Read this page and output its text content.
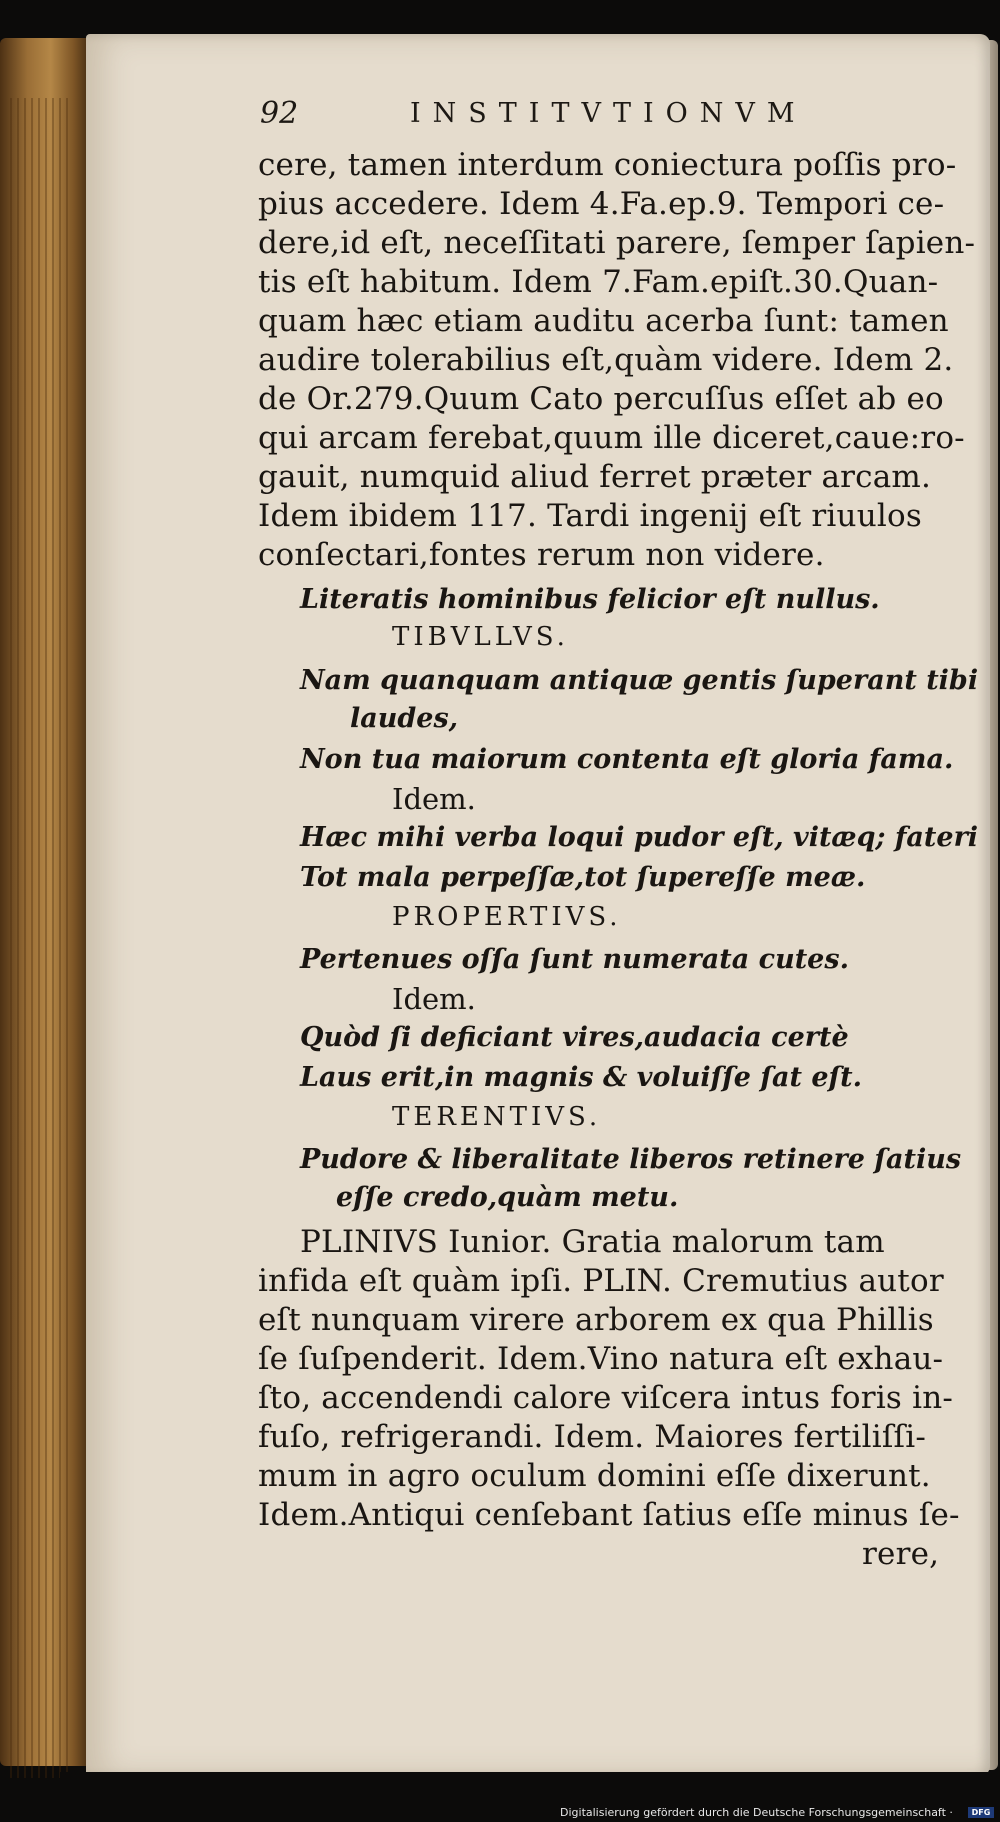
92	INSTITVTIONVM
cere, tamen interdum coniectura poſſis pro-
pius accedere. Idem 4.Fa.ep.9. Tempori ce-
dere,id eſt, neceſſitati parere, ſemper ſapien-
tis eſt habitum. Idem 7.Fam.epiſt.30.Quan-
quam hæc etiam auditu acerba ſunt: tamen
audire tolerabilius eſt,quàm videre. Idem 2.
de Or.279.Quum Cato percuſſus eſſet ab eo
qui arcam ferebat,quum ille diceret,caue:ro-
gauit, numquid aliud ferret præter arcam.
Idem ibidem 117. Tardi ingenij eſt riuulos
conſectari,fontes rerum non videre.
Literatis hominibus felicior eſt nullus.
TIBVLLVS.
Nam quanquam antiquæ gentis ſuperant tibi
laudes,
Non tua maiorum contenta eſt gloria fama.
Idem.
Hæc mihi verba loqui pudor eſt, vitæq; fateri
Tot mala perpeſſæ,tot ſupereſſe meæ.
PROPERTIVS.
Pertenues oſſa ſunt numerata cutes.
Idem.
Quòd ſi deficiant vires,audacia certè
Laus erit,in magnis & voluiſſe ſat eſt.
TERENTIVS.
Pudore & liberalitate liberos retinere ſatius
eſſe credo,quàm metu.
PLINIVS Iunior. Gratia malorum tam
infida eſt quàm ipſi. PLIN. Cremutius autor
eſt nunquam virere arborem ex qua Phillis
ſe ſuſpenderit. Idem.Vino natura eſt exhau-
ſto, accendendi calore viſcera intus foris in-
fuſo, refrigerandi. Idem. Maiores fertiliſſi-
mum in agro oculum domini eſſe dixerunt.
Idem.Antiqui cenſebant ſatius eſſe minus ſe-
rere,
Digitalisierung gefördert durch die Deutsche Forschungsgemeinschaft ·	DFG
